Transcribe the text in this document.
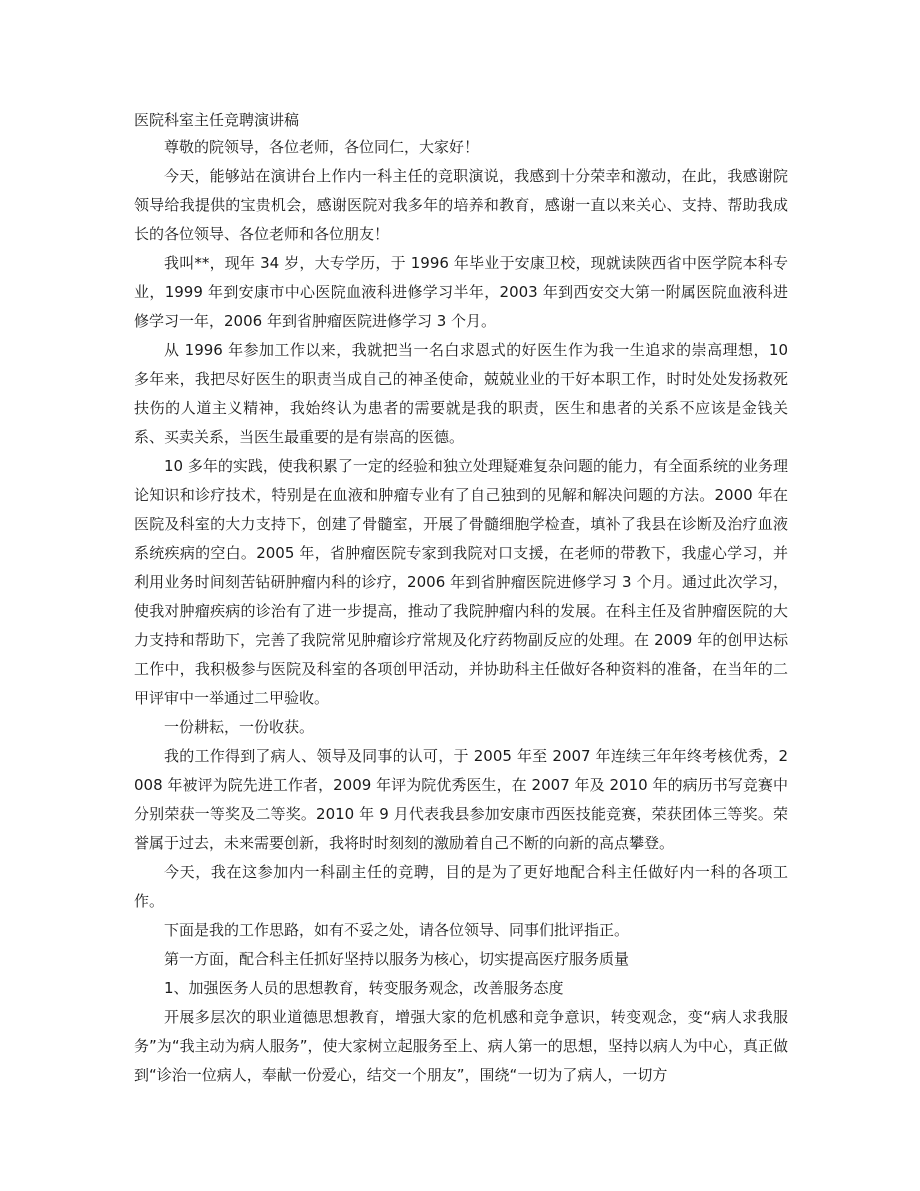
医院科室主任竞聘演讲稿

尊敬的院领导，各位老师，各位同仁，大家好！

今天，能够站在演讲台上作内一科主任的竞职演说，我感到十分荣幸和激动，在此，我感谢院领导给我提供的宝贵机会，感谢医院对我多年的培养和教育，感谢一直以来关心、支持、帮助我成长的各位领导、各位老师和各位朋友！

我叫**，现年 34 岁，大专学历，于 1996 年毕业于安康卫校，现就读陕西省中医学院本科专业，1999 年到安康市中心医院血液科进修学习半年，2003 年到西安交大第一附属医院血液科进修学习一年，2006 年到省肿瘤医院进修学习 3 个月。

从 1996 年参加工作以来，我就把当一名白求恩式的好医生作为我一生追求的崇高理想，10 多年来，我把尽好医生的职责当成自己的神圣使命，兢兢业业的干好本职工作，时时处处发扬救死扶伤的人道主义精神，我始终认为患者的需要就是我的职责，医生和患者的关系不应该是金钱关系、买卖关系，当医生最重要的是有崇高的医德。

10 多年的实践，使我积累了一定的经验和独立处理疑难复杂问题的能力，有全面系统的业务理论知识和诊疗技术，特别是在血液和肿瘤专业有了自己独到的见解和解决问题的方法。2000 年在医院及科室的大力支持下，创建了骨髓室，开展了骨髓细胞学检查，填补了我县在诊断及治疗血液系统疾病的空白。2005 年，省肿瘤医院专家到我院对口支援，在老师的带教下，我虚心学习，并利用业务时间刻苦钻研肿瘤内科的诊疗，2006 年到省肿瘤医院进修学习 3 个月。通过此次学习，使我对肿瘤疾病的诊治有了进一步提高，推动了我院肿瘤内科的发展。在科主任及省肿瘤医院的大力支持和帮助下，完善了我院常见肿瘤诊疗常规及化疗药物副反应的处理。在 2009 年的创甲达标工作中，我积极参与医院及科室的各项创甲活动，并协助科主任做好各种资料的准备，在当年的二甲评审中一举通过二甲验收。

一份耕耘，一份收获。

我的工作得到了病人、领导及同事的认可，于 2005 年至 2007 年连续三年年终考核优秀，2008 年被评为院先进工作者，2009 年评为院优秀医生，在 2007 年及 2010 年的病历书写竞赛中分别荣获一等奖及二等奖。2010 年 9 月代表我县参加安康市西医技能竞赛，荣获团体三等奖。荣誉属于过去，未来需要创新，我将时时刻刻的激励着自己不断的向新的高点攀登。

今天，我在这参加内一科副主任的竞聘，目的是为了更好地配合科主任做好内一科的各项工作。

下面是我的工作思路，如有不妥之处，请各位领导、同事们批评指正。

第一方面，配合科主任抓好坚持以服务为核心，切实提高医疗服务质量

1、加强医务人员的思想教育，转变服务观念，改善服务态度

开展多层次的职业道德思想教育，增强大家的危机感和竞争意识，转变观念，变“病人求我服务”为“我主动为病人服务”，使大家树立起服务至上、病人第一的思想，坚持以病人为中心，真正做到“诊治一位病人，奉献一份爱心，结交一个朋友”，围绕“一切为了病人，一切方
